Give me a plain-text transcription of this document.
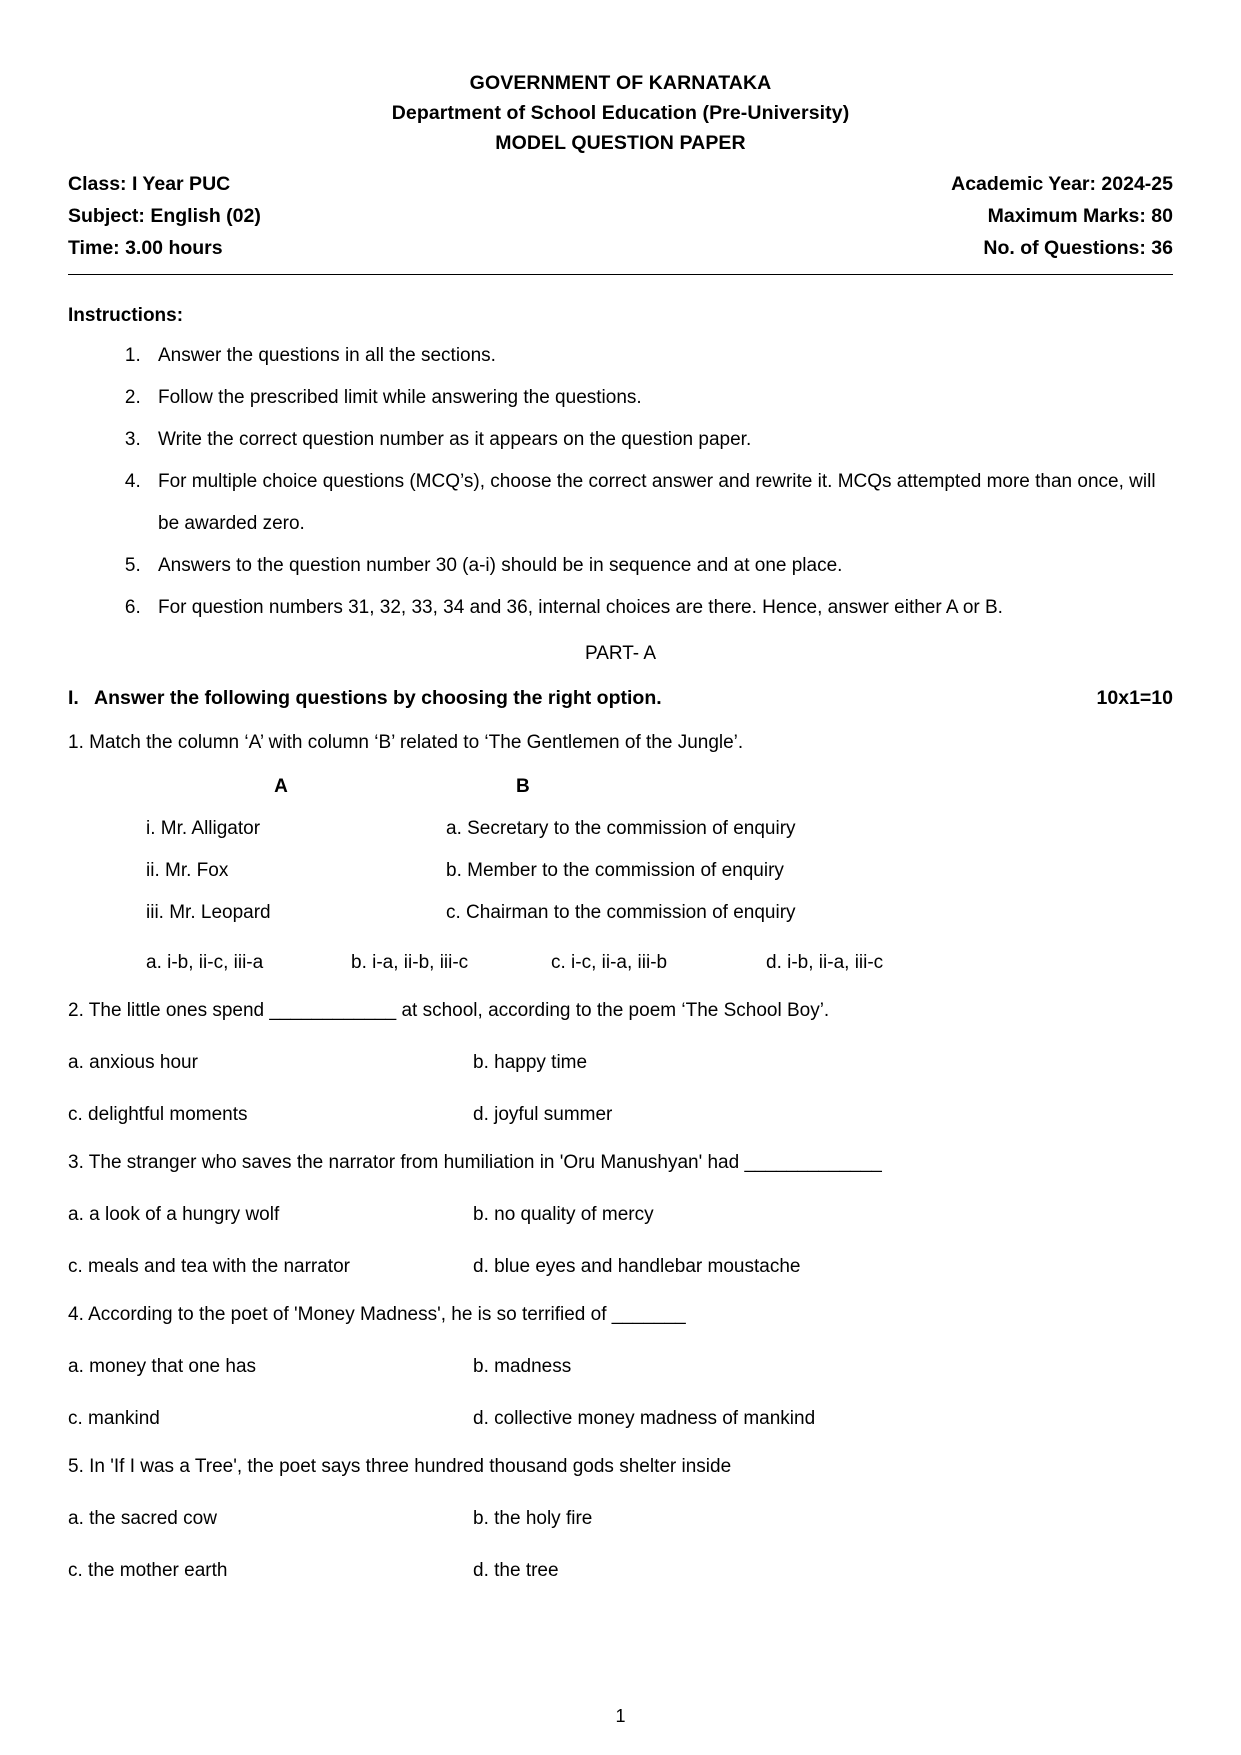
GOVERNMENT OF KARNATAKA
Department of School Education (Pre-University)
MODEL QUESTION PAPER
Class: I Year PUC	Academic Year: 2024-25
Subject: English (02)	Maximum Marks: 80
Time: 3.00 hours	No. of Questions: 36
Instructions:
1. Answer the questions in all the sections.
2. Follow the prescribed limit while answering the questions.
3. Write the correct question number as it appears on the question paper.
4. For multiple choice questions (MCQ’s), choose the correct answer and rewrite it. MCQs attempted more than once, will be awarded zero.
5. Answers to the question number 30 (a-i) should be in sequence and at one place.
6. For question numbers 31, 32, 33, 34 and 36, internal choices are there. Hence, answer either A or B.
PART- A
I. Answer the following questions by choosing the right option.	10x1=10
1. Match the column ‘A’ with column ‘B’ related to ‘The Gentlemen of the Jungle’.
A	B
i. Mr. Alligator	a. Secretary to the commission of enquiry
ii. Mr. Fox	b. Member to the commission of enquiry
iii. Mr. Leopard	c. Chairman to the commission of enquiry
a. i-b, ii-c, iii-a	b. i-a, ii-b, iii-c	c. i-c, ii-a, iii-b	d. i-b, ii-a, iii-c
2. The little ones spend ____________ at school, according to the poem ‘The School Boy’.
a. anxious hour	b. happy time
c. delightful moments	d. joyful summer
3. The stranger who saves the narrator from humiliation in 'Oru Manushyan' had _____________
a. a look of a hungry wolf	b. no quality of mercy
c. meals and tea with the narrator	d. blue eyes and handlebar moustache
4. According to the poet of 'Money Madness', he is so terrified of _______
a. money that one has	b. madness
c. mankind	d. collective money madness of mankind
5. In 'If I was a Tree', the poet says three hundred thousand gods shelter inside
a. the sacred cow	b. the holy fire
c. the mother earth	d. the tree
1
